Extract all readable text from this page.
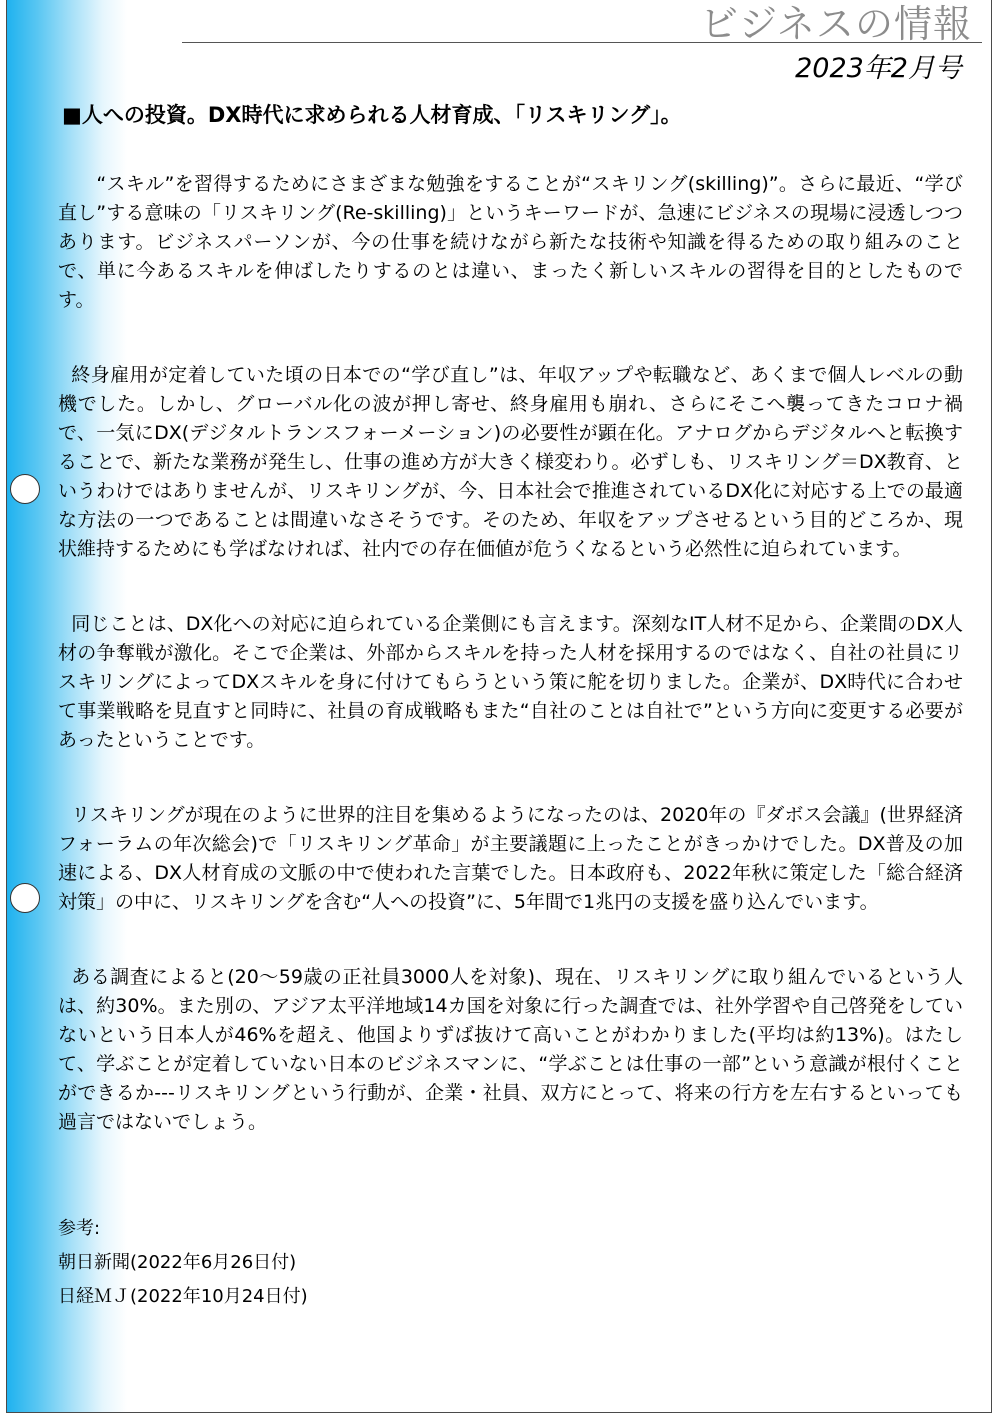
ビジネスの情報
2023年2月号
■人への投資。DX時代に求められる人材育成、「リスキリング」。

　“スキル”を習得するためにさまざまな勉強をすることが“スキリング(skilling)”。さらに最近、“学び直し”する意味の「リスキリング(Re-skilling)」というキーワードが、急速にビジネスの現場に浸透しつつあります。ビジネスパーソンが、今の仕事を続けながら新たな技術や知識を得るための取り組みのことで、単に今あるスキルを伸ばしたりするのとは違い、まったく新しいスキルの習得を目的としたものです。

終身雇用が定着していた頃の日本での“学び直し”は、年収アップや転職など、あくまで個人レベルの動機でした。しかし、グローバル化の波が押し寄せ、終身雇用も崩れ、さらにそこへ襲ってきたコロナ禍で、一気にDX(デジタルトランスフォーメーション)の必要性が顕在化。アナログからデジタルへと転換することで、新たな業務が発生し、仕事の進め方が大きく様変わり。必ずしも、リスキリング＝DX教育、というわけではありませんが、リスキリングが、今、日本社会で推進されているDX化に対応する上での最適な方法の一つであることは間違いなさそうです。そのため、年収をアップさせるという目的どころか、現状維持するためにも学ばなければ、社内での存在価値が危うくなるという必然性に迫られています。

同じことは、DX化への対応に迫られている企業側にも言えます。深刻なIT人材不足から、企業間のDX人材の争奪戦が激化。そこで企業は、外部からスキルを持った人材を採用するのではなく、自社の社員にリスキリングによってDXスキルを身に付けてもらうという策に舵を切りました。企業が、DX時代に合わせて事業戦略を見直すと同時に、社員の育成戦略もまた“自社のことは自社で”という方向に変更する必要があったということです。

リスキリングが現在のように世界的注目を集めるようになったのは、2020年の『ダボス会議』(世界経済フォーラムの年次総会)で「リスキリング革命」が主要議題に上ったことがきっかけでした。DX普及の加速による、DX人材育成の文脈の中で使われた言葉でした。日本政府も、2022年秋に策定した「総合経済対策」の中に、リスキリングを含む“人への投資”に、5年間で1兆円の支援を盛り込んでいます。

ある調査によると(20～59歳の正社員3000人を対象)、現在、リスキリングに取り組んでいるという人は、約30%。また別の、アジア太平洋地域14カ国を対象に行った調査では、社外学習や自己啓発をしていないという日本人が46%を超え、他国よりずば抜けて高いことがわかりました(平均は約13%)。はたして、学ぶことが定着していない日本のビジネスマンに、“学ぶことは仕事の一部”という意識が根付くことができるか---リスキリングという行動が、企業・社員、双方にとって、将来の行方を左右するといっても過言ではないでしょう。

参考:
朝日新聞(2022年6月26日付)
日経ＭＪ(2022年10月24日付)
